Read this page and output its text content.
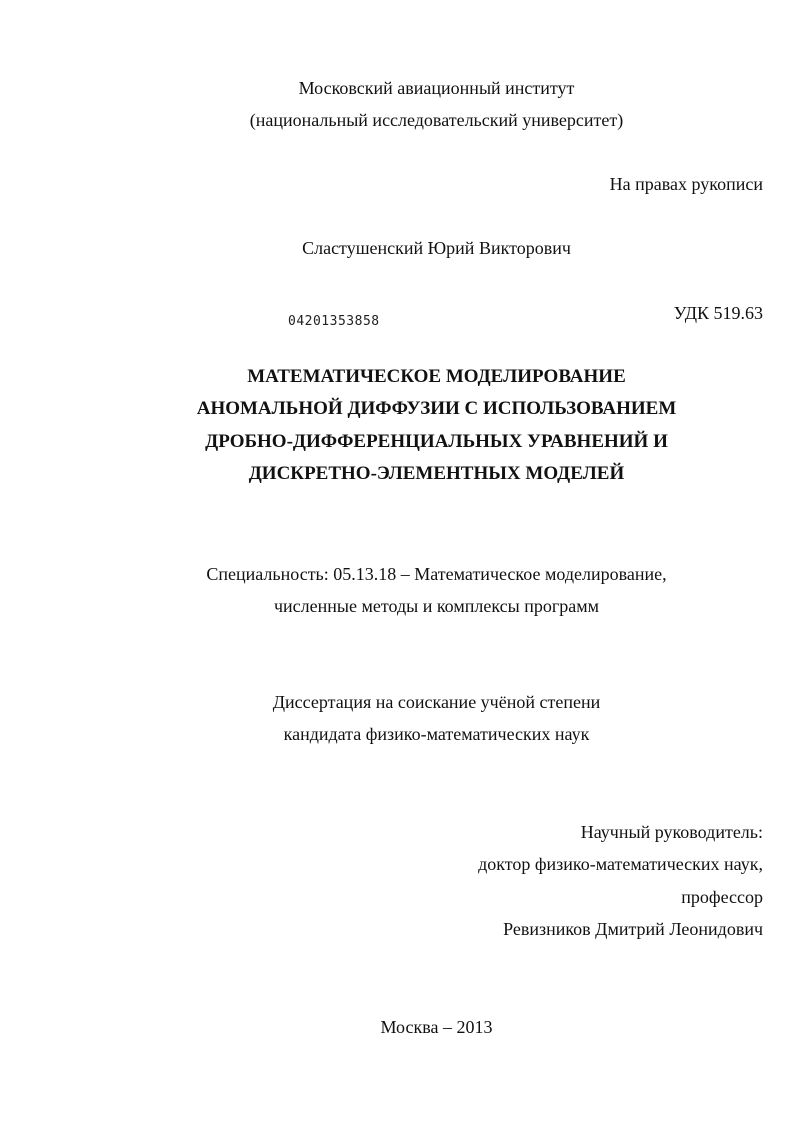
Московский авиационный институт
(национальный исследовательский университет)
На правах рукописи
Сластушенский Юрий Викторович
04201353858	УДК 519.63
МАТЕМАТИЧЕСКОЕ МОДЕЛИРОВАНИЕ
АНОМАЛЬНОЙ ДИФФУЗИИ С ИСПОЛЬЗОВАНИЕМ
ДРОБНО-ДИФФЕРЕНЦИАЛЬНЫХ УРАВНЕНИЙ И
ДИСКРЕТНО-ЭЛЕМЕНТНЫХ МОДЕЛЕЙ
Специальность: 05.13.18 – Математическое моделирование,
численные методы и комплексы программ
Диссертация на соискание учёной степени
кандидата физико-математических наук
Научный руководитель:
доктор физико-математических наук,
профессор
Ревизников Дмитрий Леонидович
Москва – 2013
